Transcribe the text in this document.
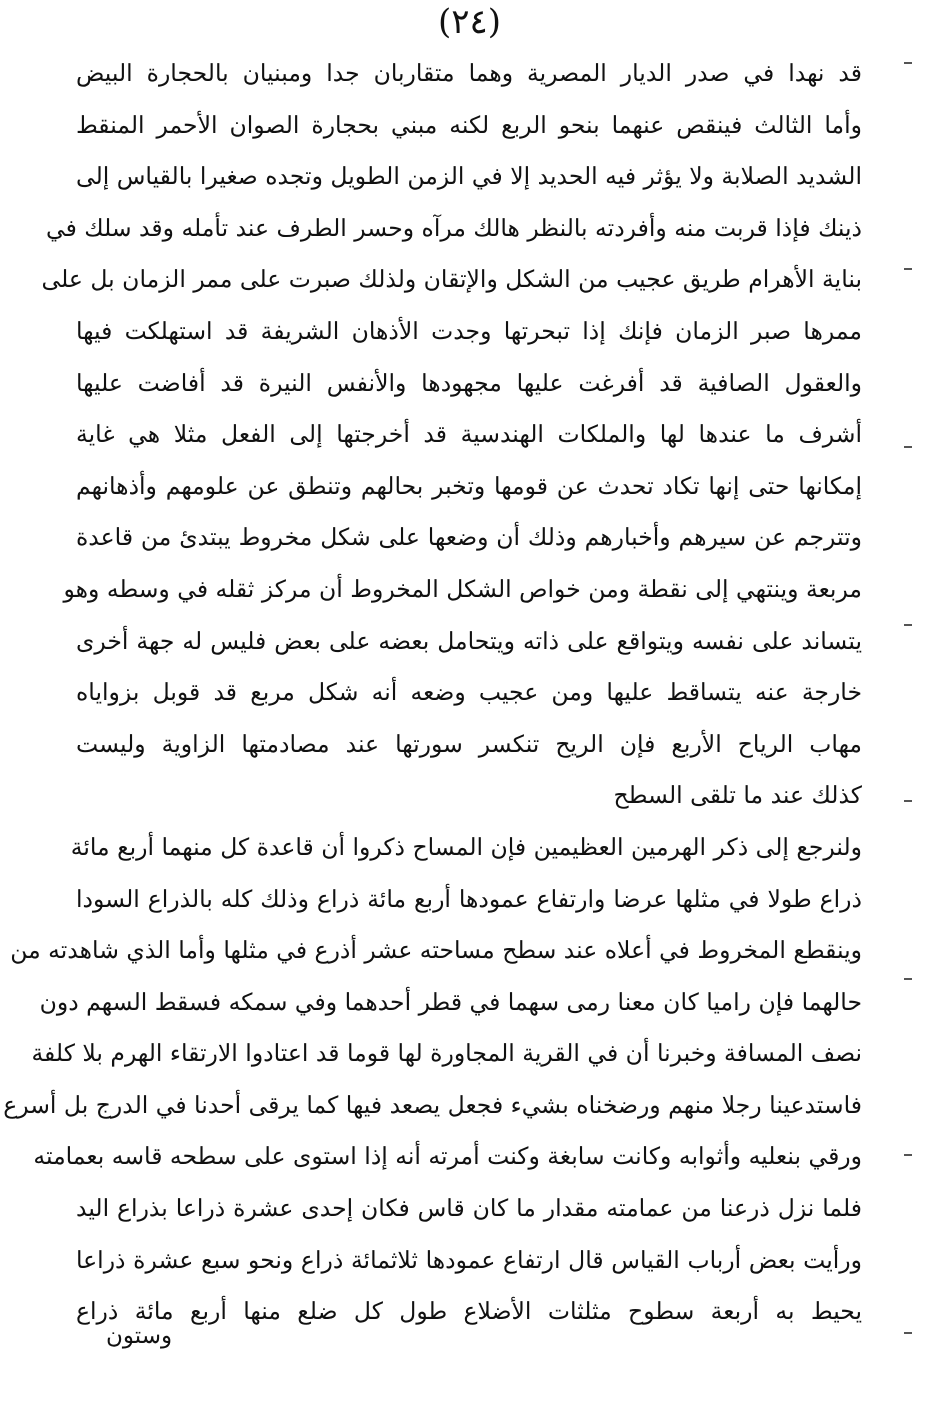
(٢٤)
قد نهدا في صدر الديار المصرية وهما متقاربان جدا ومبنيان بالحجارة البيض
وأما الثالث فينقص عنهما بنحو الربع لكنه مبني بحجارة الصوان الأحمر المنقط
الشديد الصلابة ولا يؤثر فيه الحديد إلا في الزمن الطويل وتجده صغيرا بالقياس إلى
ذينك فإذا قربت منه وأفردته بالنظر هالك مرآه وحسر الطرف عند تأمله وقد سلك في
بناية الأهرام طريق عجيب من الشكل والإتقان ولذلك صبرت على ممر الزمان بل على
ممرها صبر الزمان فإنك إذا تبحرتها وجدت الأذهان الشريفة قد استهلكت فيها
والعقول الصافية قد أفرغت عليها مجهودها والأنفس النيرة قد أفاضت عليها
أشرف ما عندها لها والملكات الهندسية قد أخرجتها إلى الفعل مثلا هي غاية
إمكانها حتى إنها تكاد تحدث عن قومها وتخبر بحالهم وتنطق عن علومهم وأذهانهم
وتترجم عن سيرهم وأخبارهم وذلك أن وضعها على شكل مخروط يبتدئ من قاعدة
مربعة وينتهي إلى نقطة ومن خواص الشكل المخروط أن مركز ثقله في وسطه وهو
يتساند على نفسه ويتواقع على ذاته ويتحامل بعضه على بعض فليس له جهة أخرى
خارجة عنه يتساقط عليها ومن عجيب وضعه أنه شكل مربع قد قوبل بزواياه
مهاب الرياح الأربع فإن الريح تنكسر سورتها عند مصادمتها الزاوية وليست
كذلك عند ما تلقى السطح
ولنرجع إلى ذكر الهرمين العظيمين فإن المساح ذكروا أن قاعدة كل منهما أربع مائة
ذراع طولا في مثلها عرضا وارتفاع عمودها أربع مائة ذراع وذلك كله بالذراع السودا
وينقطع المخروط في أعلاه عند سطح مساحته عشر أذرع في مثلها وأما الذي شاهدته من
حالهما فإن راميا كان معنا رمى سهما في قطر أحدهما وفي سمكه فسقط السهم دون
نصف المسافة وخبرنا أن في القرية المجاورة لها قوما قد اعتادوا الارتقاء الهرم بلا كلفة
فاستدعينا رجلا منهم ورضخناه بشيء فجعل يصعد فيها كما يرقى أحدنا في الدرج بل أسرع
ورقي بنعليه وأثوابه وكانت سابغة وكنت أمرته أنه إذا استوى على سطحه قاسه بعمامته
فلما نزل ذرعنا من عمامته مقدار ما كان قاس فكان إحدى عشرة ذراعا بذراع اليد
ورأيت بعض أرباب القياس قال ارتفاع عمودها ثلاثمائة ذراع ونحو سبع عشرة ذراعا
يحيط به أربعة سطوح مثلثات الأضلاع طول كل ضلع منها أربع مائة ذراع
وستون
